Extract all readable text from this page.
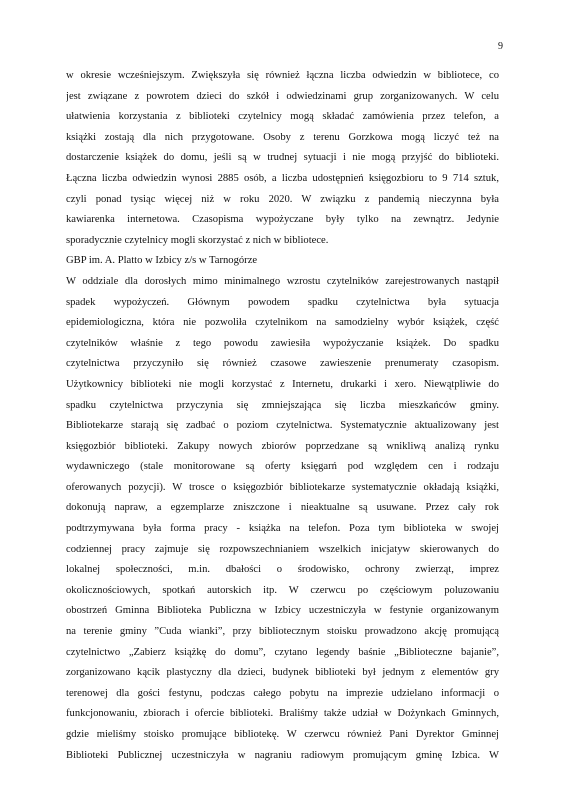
9
w okresie wcześniejszym. Zwiększyła się również łączna liczba odwiedzin w bibliotece, co
jest związane z powrotem dzieci do szkół i odwiedzinami grup zorganizowanych. W celu
ułatwienia korzystania z biblioteki czytelnicy mogą składać zamówienia przez telefon, a
książki zostają dla nich przygotowane. Osoby z terenu Gorzkowa mogą liczyć też na
dostarczenie książek do domu, jeśli są w trudnej sytuacji i nie mogą przyjść do biblioteki.
Łączna liczba odwiedzin wynosi 2885 osób, a liczba udostępnień księgozbioru to 9 714 sztuk,
czyli ponad tysiąc więcej niż w roku 2020. W związku z pandemią nieczynna była
kawiarenka internetowa. Czasopisma wypożyczane były tylko na zewnątrz. Jedynie
sporadycznie czytelnicy mogli skorzystać z nich w bibliotece.
GBP im. A. Platto w Izbicy z/s w Tarnogórze
W oddziale dla dorosłych mimo minimalnego wzrostu czytelników zarejestrowanych nastąpił
spadek wypożyczeń. Głównym powodem spadku czytelnictwa była sytuacja
epidemiologiczna, która nie pozwoliła czytelnikom na samodzielny wybór książek, część
czytelników właśnie z tego powodu zawiesiła wypożyczanie książek. Do spadku
czytelnictwa przyczyniło się również czasowe zawieszenie prenumeraty czasopism.
Użytkownicy biblioteki nie mogli korzystać z Internetu, drukarki i xero. Niewątpliwie do
spadku czytelnictwa przyczynia się zmniejszająca się liczba mieszkańców gminy.
Bibliotekarze starają się zadbać o poziom czytelnictwa. Systematycznie aktualizowany jest
księgozbiór biblioteki. Zakupy nowych zbiorów poprzedzane są wnikliwą analizą rynku
wydawniczego (stale monitorowane są oferty księgarń pod względem cen i rodzaju
oferowanych pozycji). W trosce o księgozbiór bibliotekarze systematycznie okładają książki,
dokonują napraw, a egzemplarze zniszczone i nieaktualne są usuwane. Przez cały rok
podtrzymywana była forma pracy - książka na telefon. Poza tym biblioteka w swojej
codziennej pracy zajmuje się rozpowszechnianiem wszelkich inicjatyw skierowanych do
lokalnej społeczności, m.in. dbałości o środowisko, ochrony zwierząt, imprez
okolicznościowych, spotkań autorskich itp. W czerwcu po częściowym poluzowaniu
obostrzeń Gminna Biblioteka Publiczna w Izbicy uczestniczyła w festynie organizowanym
na terenie gminy ”Cuda wianki”, przy bibliotecznym stoisku prowadzono akcję promującą
czytelnictwo „Zabierz książkę do domu”, czytano legendy baśnie „Biblioteczne bajanie”,
zorganizowano kącik plastyczny dla dzieci, budynek biblioteki był jednym z elementów gry
terenowej dla gości festynu, podczas całego pobytu na imprezie udzielano informacji o
funkcjonowaniu, zbiorach i ofercie biblioteki. Braliśmy także udział w Dożynkach Gminnych,
gdzie mieliśmy stoisko promujące bibliotekę. W czerwcu również Pani Dyrektor Gminnej
Biblioteki Publicznej uczestniczyła w nagraniu radiowym promującym gminę Izbica. W
